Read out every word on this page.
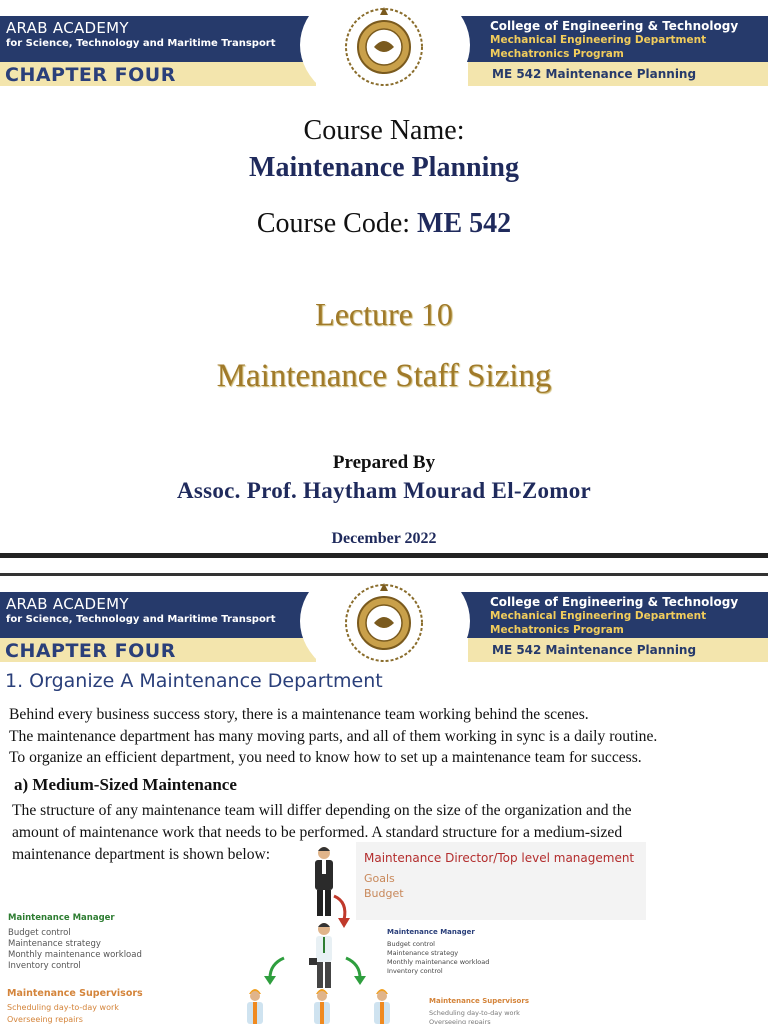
ARAB ACADEMY
for Science, Technology and Maritime Transport
College of Engineering & Technology
Mechanical Engineering Department
Mechatronics Program
CHAPTER FOUR	ME 542 Maintenance Planning
Course Name:
Maintenance Planning
Course Code: ME 542
Lecture 10
Maintenance Staff Sizing
Prepared By
Assoc. Prof. Haytham Mourad El-Zomor
December 2022
ARAB ACADEMY
for Science, Technology and Maritime Transport
College of Engineering & Technology
Mechanical Engineering Department
Mechatronics Program
CHAPTER FOUR	ME 542 Maintenance Planning
1. Organize A Maintenance Department
Behind every business success story, there is a maintenance team working behind the scenes.
The maintenance department has many moving parts, and all of them working in sync is a daily routine.
To organize an efficient department, you need to know how to set up a maintenance team for success.
a) Medium-Sized Maintenance
The structure of any maintenance team will differ depending on the size of the organization and the
amount of maintenance work that needs to be performed. A standard structure for a medium-sized
maintenance department is shown below:	Maintenance Director/Top level management
Goals
Budget
Maintenance Manager
Budget control
Maintenance strategy
Monthly maintenance workload
Inventory control
Maintenance Supervisors
Scheduling day-to-day work
Overseeing repairs
Maintenance Manager
Budget control
Maintenance strategy
Monthly maintenance workload
Inventory control
Maintenance Supervisors
Scheduling day-to-day work
Overseeing repairs
